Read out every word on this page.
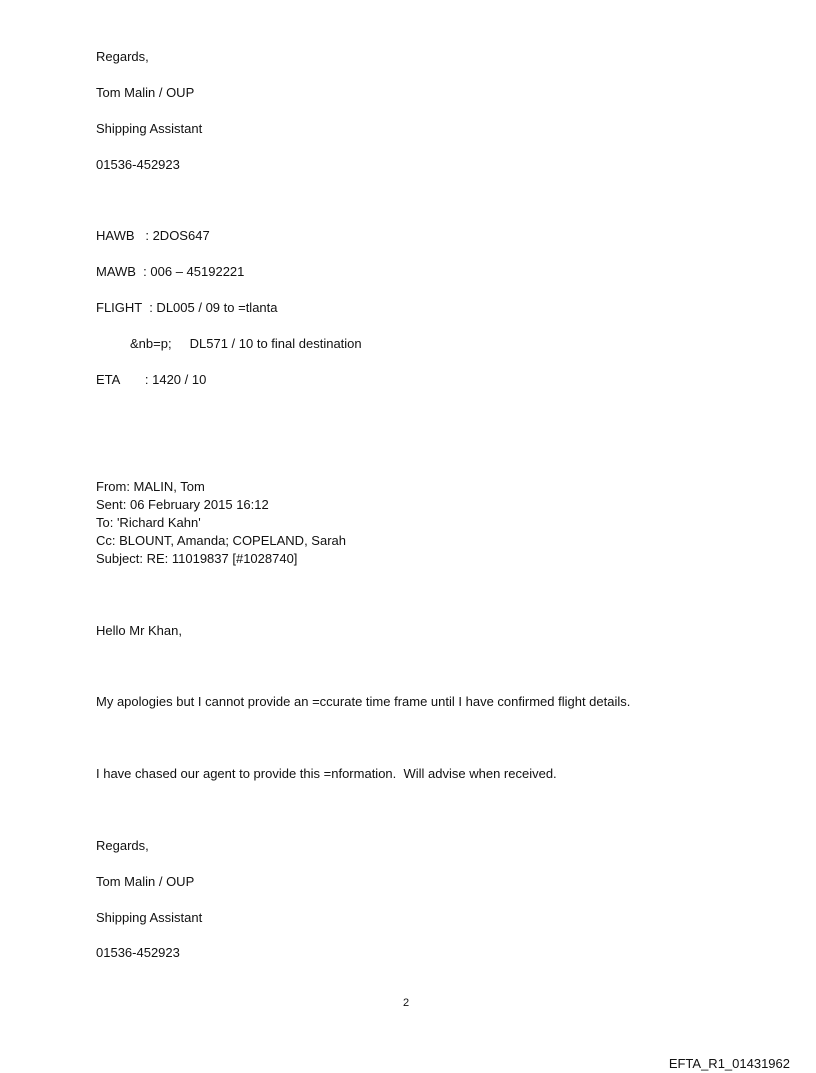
Regards,
Tom Malin / OUP
Shipping Assistant
01536-452923
HAWB   : 2DOS647
MAWB  : 006 – 45192221
FLIGHT  : DL005 / 09 to =tlanta
&nb=p;     DL571 / 10 to final destination
ETA       : 1420 / 10
From: MALIN, Tom
Sent: 06 February 2015 16:12
To: 'Richard Kahn'
Cc: BLOUNT, Amanda; COPELAND, Sarah
Subject: RE: 11019837 [#1028740]
Hello Mr Khan,
My apologies but I cannot provide an =ccurate time frame until I have confirmed flight details.
I have chased our agent to provide this =nformation.  Will advise when received.
Regards,
Tom Malin / OUP
Shipping Assistant
01536-452923
2
EFTA_R1_01431962
